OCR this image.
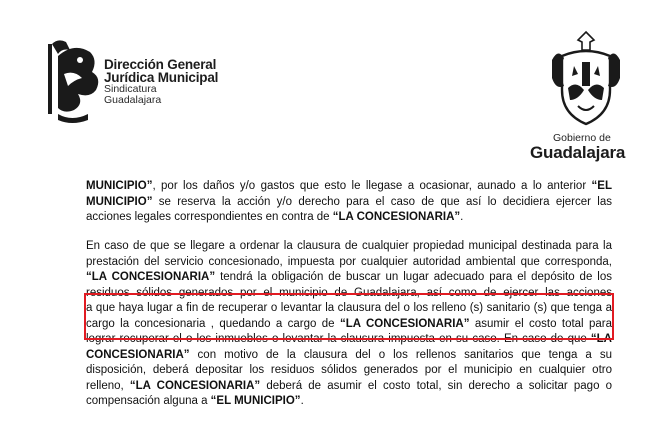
Dirección General
Jurídica Municipal
Sindicatura
Guadalajara
Gobierno de
Guadalajara
MUNICIPIO”, por los daños y/o gastos que esto le llegase a ocasionar, aunado a lo anterior “EL
MUNICIPIO” se reserva la acción y/o derecho para el caso de que así lo decidiera ejercer las
acciones legales correspondientes en contra de “LA CONCESIONARIA”.
En caso de que se llegare a ordenar la clausura de cualquier propiedad municipal destinada para la
prestación del servicio concesionado, impuesta por cualquier autoridad ambiental que corresponda,
“LA CONCESIONARIA” tendrá la obligación de buscar un lugar adecuado para el depósito de los
residuos sólidos generados por el municipio de Guadalajara, así como de ejercer las acciones
a que haya lugar a fin de recuperar o levantar la clausura del o los relleno (s) sanitario (s) que tenga a
cargo la concesionaria , quedando a cargo de “LA CONCESIONARIA” asumir el costo total para
lograr recuperar el o los inmuebles o levantar la clausura impuesta en su caso. En caso de que “LA
CONCESIONARIA” con motivo de la clausura del o los rellenos sanitarios que tenga a su
disposición, deberá depositar los residuos sólidos generados por el municipio en cualquier otro
relleno, “LA CONCESIONARIA” deberá de asumir el costo total, sin derecho a solicitar pago o
compensación alguna a “EL MUNICIPIO”.
